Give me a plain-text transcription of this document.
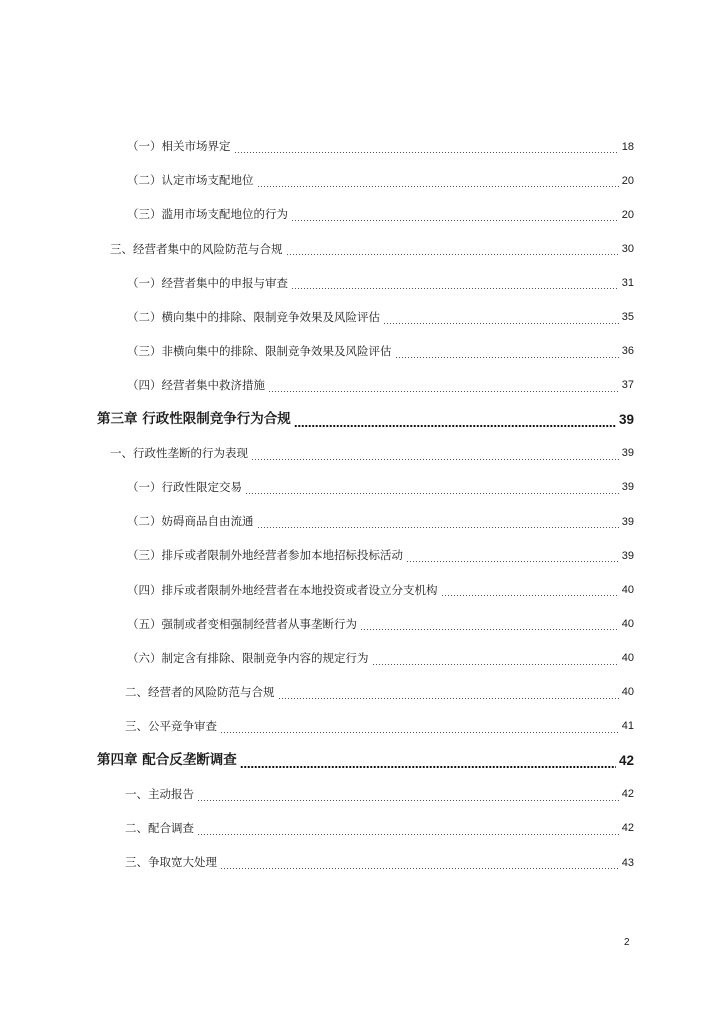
（一）相关市场界定	18
（二）认定市场支配地位	20
（三）滥用市场支配地位的行为	20
三、经营者集中的风险防范与合规	30
（一）经营者集中的申报与审查	31
（二）横向集中的排除、限制竞争效果及风险评估	35
（三）非横向集中的排除、限制竞争效果及风险评估	36
（四）经营者集中救济措施	37
第三章 行政性限制竞争行为合规	39
一、行政性垄断的行为表现	39
（一）行政性限定交易	39
（二）妨碍商品自由流通	39
（三）排斥或者限制外地经营者参加本地招标投标活动	39
（四）排斥或者限制外地经营者在本地投资或者设立分支机构	40
（五）强制或者变相强制经营者从事垄断行为	40
（六）制定含有排除、限制竞争内容的规定行为	40
二、经营者的风险防范与合规	40
三、公平竞争审查	41
第四章 配合反垄断调查	42
一、主动报告	42
二、配合调查	42
三、争取宽大处理	43
2
